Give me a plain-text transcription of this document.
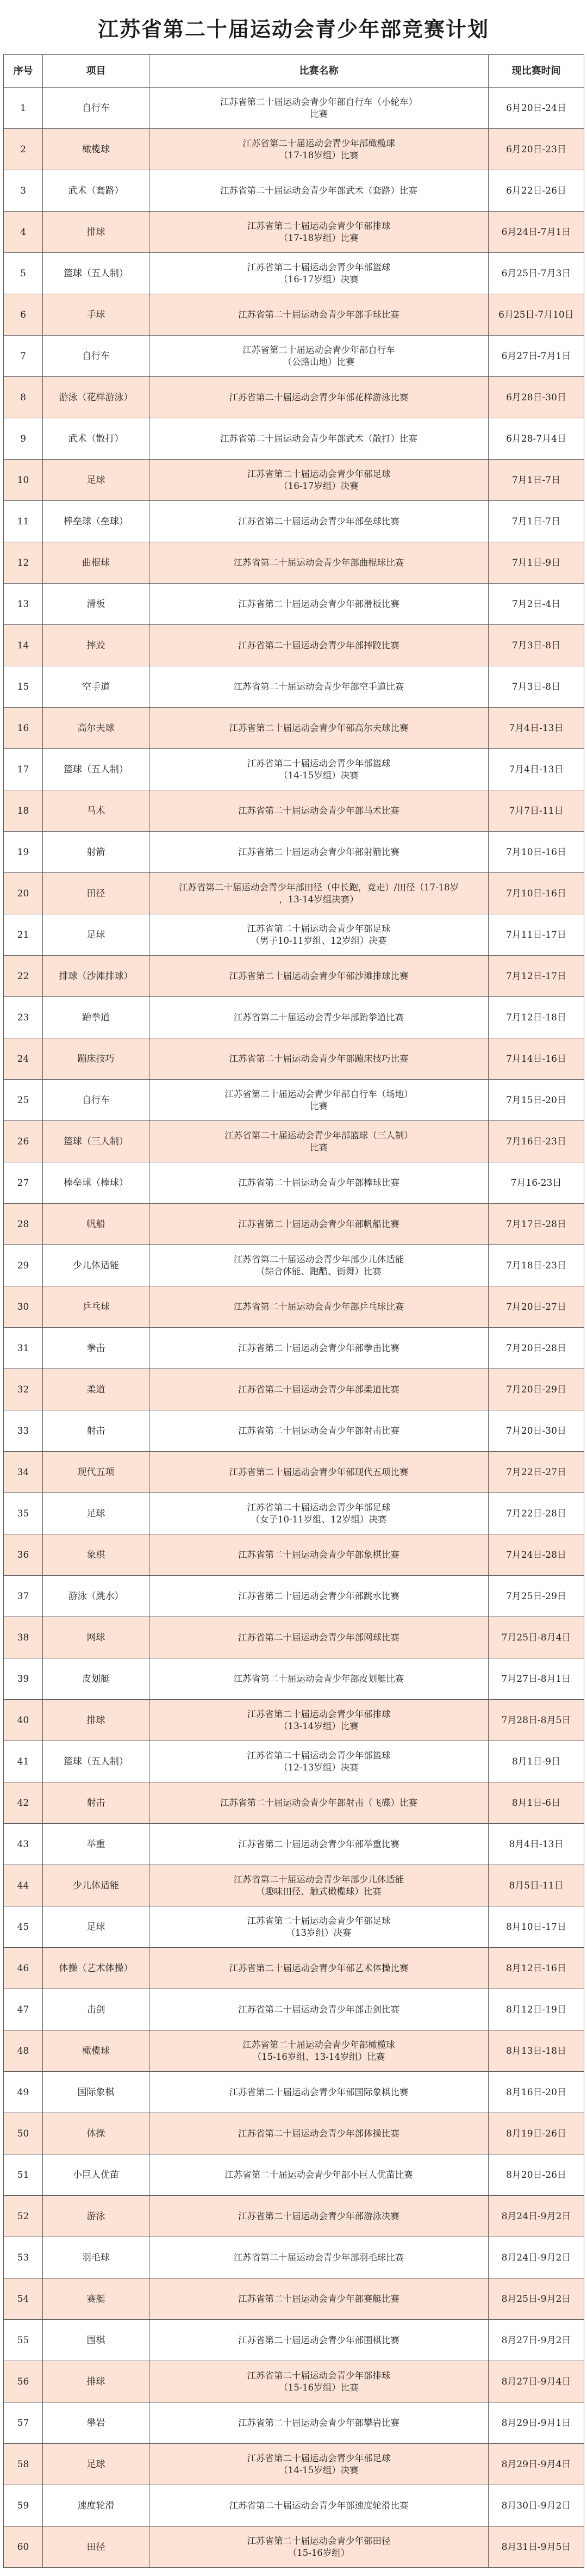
江苏省第二十届运动会青少年部竞赛计划
序号	项目	比赛名称	现比赛时间
1	自行车	江苏省第二十届运动会青少年部自行车（小轮车）
比赛	6月20日-24日
2	橄榄球	江苏省第二十届运动会青少年部橄榄球
（17-18岁组）比赛	6月20日-23日
3	武术（套路）	江苏省第二十届运动会青少年部武术（套路）比赛	6月22日-26日
4	排球	江苏省第二十届运动会青少年部排球
（17-18岁组）比赛	6月24日-7月1日
5	篮球（五人制）	江苏省第二十届运动会青少年部篮球
（16-17岁组）决赛	6月25日-7月3日
6	手球	江苏省第二十届运动会青少年部手球比赛	6月25日-7月10日
7	自行车	江苏省第二十届运动会青少年部自行车
（公路山地）比赛	6月27日-7月1日
8	游泳（花样游泳）	江苏省第二十届运动会青少年部花样游泳比赛	6月28日-30日
9	武术（散打）	江苏省第二十届运动会青少年部武术（散打）比赛	6月28-7月4日
10	足球	江苏省第二十届运动会青少年部足球
（16-17岁组）决赛	7月1日-7日
11	棒垒球（垒球）	江苏省第二十届运动会青少年部垒球比赛	7月1日-7日
12	曲棍球	江苏省第二十届运动会青少年部曲棍球比赛	7月1日-9日
13	滑板	江苏省第二十届运动会青少年部滑板比赛	7月2日-4日
14	摔跤	江苏省第二十届运动会青少年部摔跤比赛	7月3日-8日
15	空手道	江苏省第二十届运动会青少年部空手道比赛	7月3日-8日
16	高尔夫球	江苏省第二十届运动会青少年部高尔夫球比赛	7月4日-13日
17	篮球（五人制）	江苏省第二十届运动会青少年部篮球
（14-15岁组）决赛	7月4日-13日
18	马术	江苏省第二十届运动会青少年部马术比赛	7月7日-11日
19	射箭	江苏省第二十届运动会青少年部射箭比赛	7月10日-16日
20	田径	江苏省第二十届运动会青少年部田径（中长跑，竞走）/田径（17-18岁
，13-14岁组决赛）	7月10日-16日
21	足球	江苏省第二十届运动会青少年部足球
（男子10-11岁组、12岁组）决赛	7月11日-17日
22	排球（沙滩排球）	江苏省第二十届运动会青少年部沙滩排球比赛	7月12日-17日
23	跆拳道	江苏省第二十届运动会青少年部跆拳道比赛	7月12日-18日
24	蹦床技巧	江苏省第二十届运动会青少年部蹦床技巧比赛	7月14日-16日
25	自行车	江苏省第二十届运动会青少年部自行车（场地）
比赛	7月15日-20日
26	篮球（三人制）	江苏省第二十届运动会青少年部篮球（三人制）
比赛	7月16日-23日
27	棒垒球（棒球）	江苏省第二十届运动会青少年部棒球比赛	7月16-23日
28	帆船	江苏省第二十届运动会青少年部帆船比赛	7月17日-28日
29	少儿体适能	江苏省第二十届运动会青少年部少儿体适能
（综合体能、跑酷、街舞）比赛	7月18日-23日
30	乒乓球	江苏省第二十届运动会青少年部乒乓球比赛	7月20日-27日
31	拳击	江苏省第二十届运动会青少年部拳击比赛	7月20日-28日
32	柔道	江苏省第二十届运动会青少年部柔道比赛	7月20日-29日
33	射击	江苏省第二十届运动会青少年部射击比赛	7月20日-30日
34	现代五项	江苏省第二十届运动会青少年部现代五项比赛	7月22日-27日
35	足球	江苏省第二十届运动会青少年部足球
（女子10-11岁组、12岁组）决赛	7月22日-28日
36	象棋	江苏省第二十届运动会青少年部象棋比赛	7月24日-28日
37	游泳（跳水）	江苏省第二十届运动会青少年部跳水比赛	7月25日-29日
38	网球	江苏省第二十届运动会青少年部网球比赛	7月25日-8月4日
39	皮划艇	江苏省第二十届运动会青少年部皮划艇比赛	7月27日-8月1日
40	排球	江苏省第二十届运动会青少年部排球
（13-14岁组）比赛	7月28日-8月5日
41	篮球（五人制）	江苏省第二十届运动会青少年部篮球
（12-13岁组）决赛	8月1日-9日
42	射击	江苏省第二十届运动会青少年部射击（飞碟）比赛	8月1日-6日
43	举重	江苏省第二十届运动会青少年部举重比赛	8月4日-13日
44	少儿体适能	江苏省第二十届运动会青少年部少儿体适能
（趣味田径、触式橄榄球）比赛	8月5日-11日
45	足球	江苏省第二十届运动会青少年部足球
（13岁组）决赛	8月10日-17日
46	体操（艺术体操）	江苏省第二十届运动会青少年部艺术体操比赛	8月12日-16日
47	击剑	江苏省第二十届运动会青少年部击剑比赛	8月12日-19日
48	橄榄球	江苏省第二十届运动会青少年部橄榄球
（15-16岁组、13-14岁组）比赛	8月13日-18日
49	国际象棋	江苏省第二十届运动会青少年部国际象棋比赛	8月16日-20日
50	体操	江苏省第二十届运动会青少年部体操比赛	8月19日-26日
51	小巨人优苗	江苏省第二十届运动会青少年部小巨人优苗比赛	8月20日-26日
52	游泳	江苏省第二十届运动会青少年部游泳决赛	8月24日-9月2日
53	羽毛球	江苏省第二十届运动会青少年部羽毛球比赛	8月24日-9月2日
54	赛艇	江苏省第二十届运动会青少年部赛艇比赛	8月25日-9月2日
55	围棋	江苏省第二十届运动会青少年部围棋比赛	8月27日-9月2日
56	排球	江苏省第二十届运动会青少年部排球
（15-16岁组）比赛	8月27日-9月4日
57	攀岩	江苏省第二十届运动会青少年部攀岩比赛	8月29日-9月1日
58	足球	江苏省第二十届运动会青少年部足球
（14-15岁组）决赛	8月29日-9月4日
59	速度轮滑	江苏省第二十届运动会青少年部速度轮滑比赛	8月30日-9月2日
60	田径	江苏省第二十届运动会青少年部田径
（15-16岁组）	8月31日-9月5日
